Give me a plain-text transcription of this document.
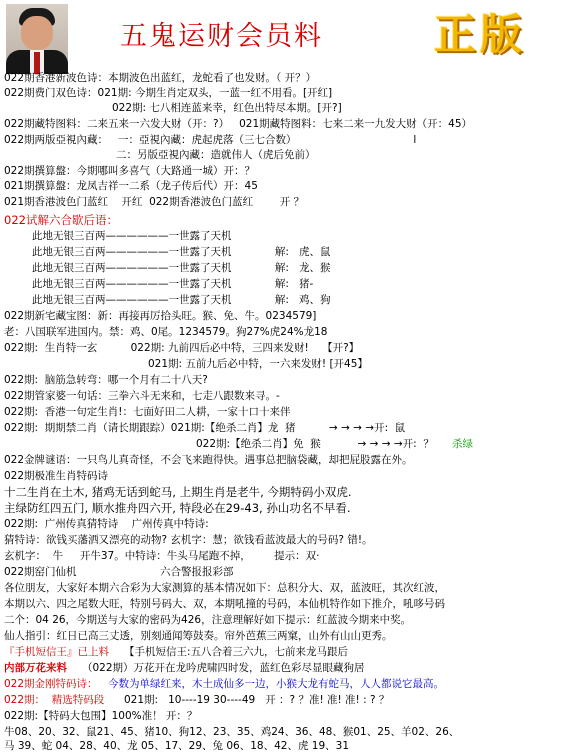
五鬼运财会员料	正版
022期香港新波色诗：本期波色出蓝红，龙蛇看了也发财。（ 开？）
022期费门双色诗：021期: 今期生肖定双头，一蓝一红不用看。[开红]
022期: 七八相连蓝来幸，红色出特尽本期。[开?]
022期藏特图料：二来五来一六发大财（开：?）   021期藏特图料：七来二来一九发大财（开：45）
022期两版亞視內藏：   一：亞視內藏：虎起虎落（三七合数）                                   l
二：另版亞視內藏：造就伟人（虎后免前）
022期撰算盤：今期哪叫多喜气（大路通一城）开：？
021期撰算盤：龙凤吉祥一二系（龙子传后代）开：45
021期香港波色门蓝红    开红  022期香港波色门蓝红        开 ？
022试解六合歇后语：
此地无银三百两——————一世露了天机
此地无银三百两——————一世露了天机             解:   虎、鼠
此地无银三百两——————一世露了天机             解:   龙、猴
此地无银三百两——————一世露了天机             解:   猪-
此地无银三百两——————一世露了天机             解:   鸡、狗
022期新宅藏宝图：新：再接再厉拾头旺。猴、免、牛。0234579]
老：八国联军进国内。禁：鸡、0尾。1234579。狗27%虎24%龙18
022期:  生肖特一玄          022期: 九前四后必中特，三四来发财!    【开?】
021期: 五前九后必中特，一六来发财! [开45】
022期:  脑筋急转弯：哪一个月有二十八天?
022期管家婆一句话：三拳六斗无来和，七走八跟数来寻。-
022期:  香港一句定生肖!：七面好田二人耕，一家十口十来伴
022期:  期期禁二肖（请长期跟踪）021期:【绝杀二肖】龙  猪          → → → →开:  鼠
022期:【绝杀二肖】免  猴           → → → →开:  ？ 杀绿
022金牌谜语：一只鸟儿真奇怪，不会飞来跑得快。遇事总把脑袋藏，却把屁股露在外。
022期极准生肖特码诗
十二生肖在土木, 猪鸡无话到蛇马, 上期生肖是老牛, 今期特码小双虎.
主绿防红四五门, 顺水推舟四六开, 特段必在29-43, 孙山功名不早看.
022期:  广州传真猜特诗    广州传真中特诗:
猜特诗：欲钱买藩洒又漂亮的动物? 玄机字：慧；欲钱看蓝波最大的号码? 错!。
玄机字：  牛     开牛37。中特诗：牛头马尾跑不掉，       提示：双·
022期窑门仙机                         六合警报报彩部
各位朋友，大家好本期六合彩为大家测算的基本情况如下：总积分大、双，蓝波旺，其次红波，
本期以六、四之尾数大旺，特别号码大、双，本期吼撞的号码，本仙机特作如下推介，吼哆号码
二个：04 26，今期送与大家的密码为426，注意理解好如下提示：红蓝波今期来中奖。
仙人指引：红日已高三丈透，别刻通闻筹鼓奏。帘外芭蕉三两窠，山外有山山更秀。
『手机短信王』已上料 【手机短信王:五八合着三六九，七前来龙马跟后
内部万花来料 （022期）万花开在龙吟虎啸四时发，蓝红色彩尽显眼藏狗居
022期金刚特码诗： 今数为单绿红来，木土成仙多一边，小猴大龙有蛇马，人人都说它最高。
022期：  精选特码段 021期:   10----19 30----49   开 ：? ？准! 准! 准! : ? ？
022期:【特码大包围】100%准！ 开：？
牛08、20、32、鼠21、45、猪10、狗12、23、35、鸡24、36、48、猴01、25、羊02、26、
马 39、蛇 04、28、40、龙 05、17、29、兔 06、18、42、虎 19、31
